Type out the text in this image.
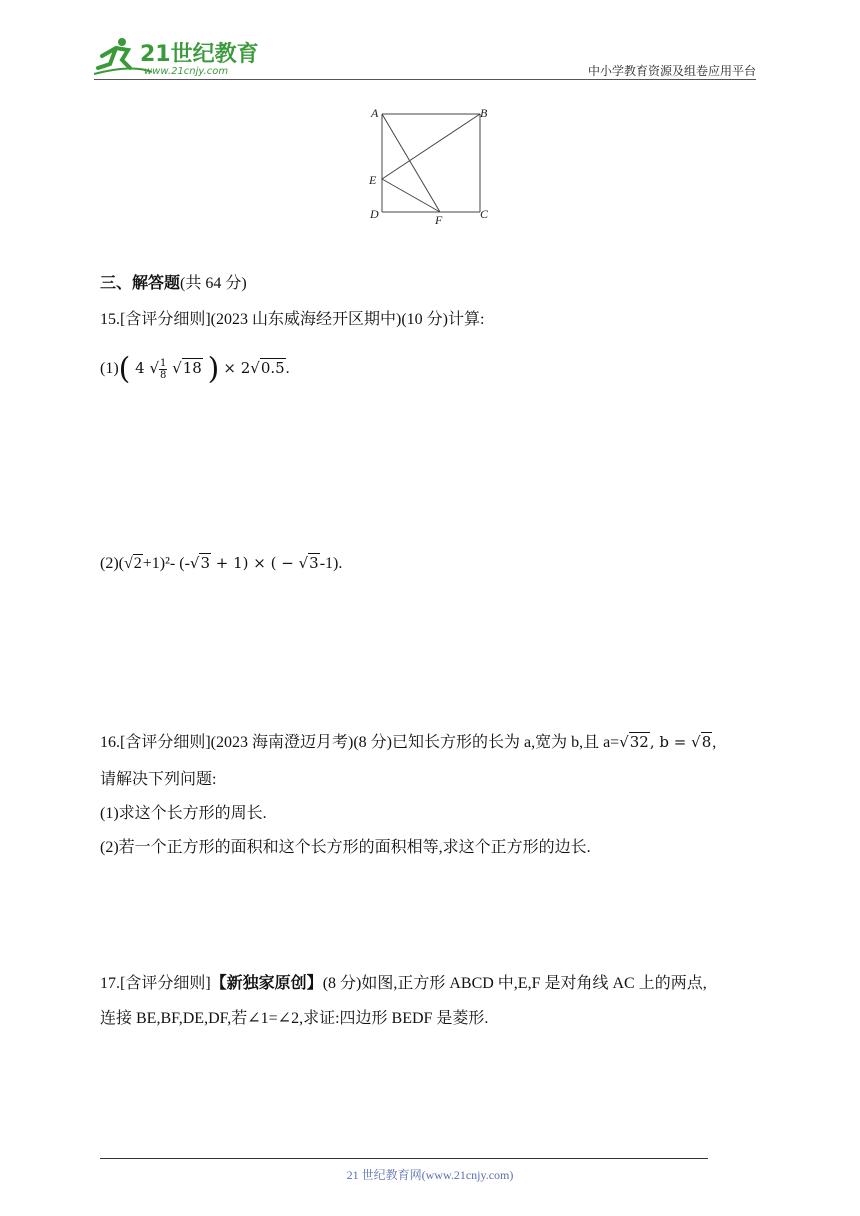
21世纪教育
www.21cnjy.com	中小学教育资源及组卷应用平台
A	B
E
D	F	C
三、解答题(共 64 分)
15.[含评分细则](2023 山东威海经开区期中)(10 分)计算:
(1)( 4 √ $\frac{1}{8} √18$ ) × 2√0.5.
(2)(√2+1)²- (-√3 + 1) × ( − √3-1).
16.[含评分细则](2023 海南澄迈月考)(8 分)已知长方形的长为 a,宽为 b,且 a=√32, b = √8,
请解决下列问题:
(1)求这个长方形的周长.
(2)若一个正方形的面积和这个长方形的面积相等,求这个正方形的边长.
17.[含评分细则]【新独家原创】(8 分)如图,正方形 ABCD 中,E,F 是对角线 AC 上的两点,
连接 BE,BF,DE,DF,若∠1=∠2,求证:四边形 BEDF 是菱形.
21 世纪教育网(www.21cnjy.com)
